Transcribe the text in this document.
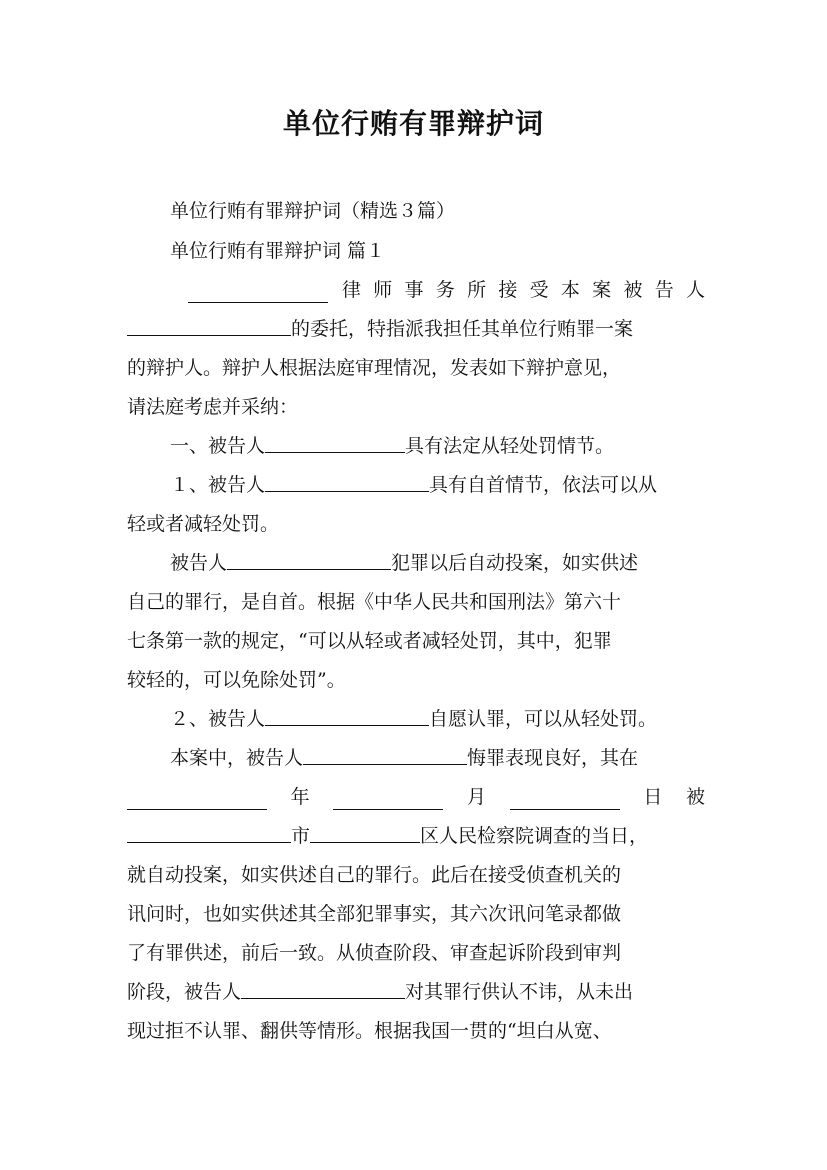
单位行贿有罪辩护词
单位行贿有罪辩护词（精选３篇）
单位行贿有罪辩护词 篇１
律师事务所接受本案被告人
的委托，特指派我担任其单位行贿罪一案
的辩护人。辩护人根据法庭审理情况，发表如下辩护意见，
请法庭考虑并采纳：
一、被告人	具有法定从轻处罚情节。
１、被告人	具有自首情节，依法可以从
轻或者减轻处罚。
被告人	犯罪以后自动投案，如实供述
自己的罪行，是自首。根据《中华人民共和国刑法》第六十
七条第一款的规定，“可以从轻或者减轻处罚，其中，犯罪
较轻的，可以免除处罚”。
２、被告人	自愿认罪，可以从轻处罚。
本案中，被告人	悔罪表现良好，其在
年	月	日 被
市	区人民检察院调查的当日，
就自动投案，如实供述自己的罪行。此后在接受侦查机关的
讯问时，也如实供述其全部犯罪事实，其六次讯问笔录都做
了有罪供述，前后一致。从侦查阶段、审查起诉阶段到审判
阶段，被告人	对其罪行供认不讳，从未出
现过拒不认罪、翻供等情形。根据我国一贯的“坦白从宽、
